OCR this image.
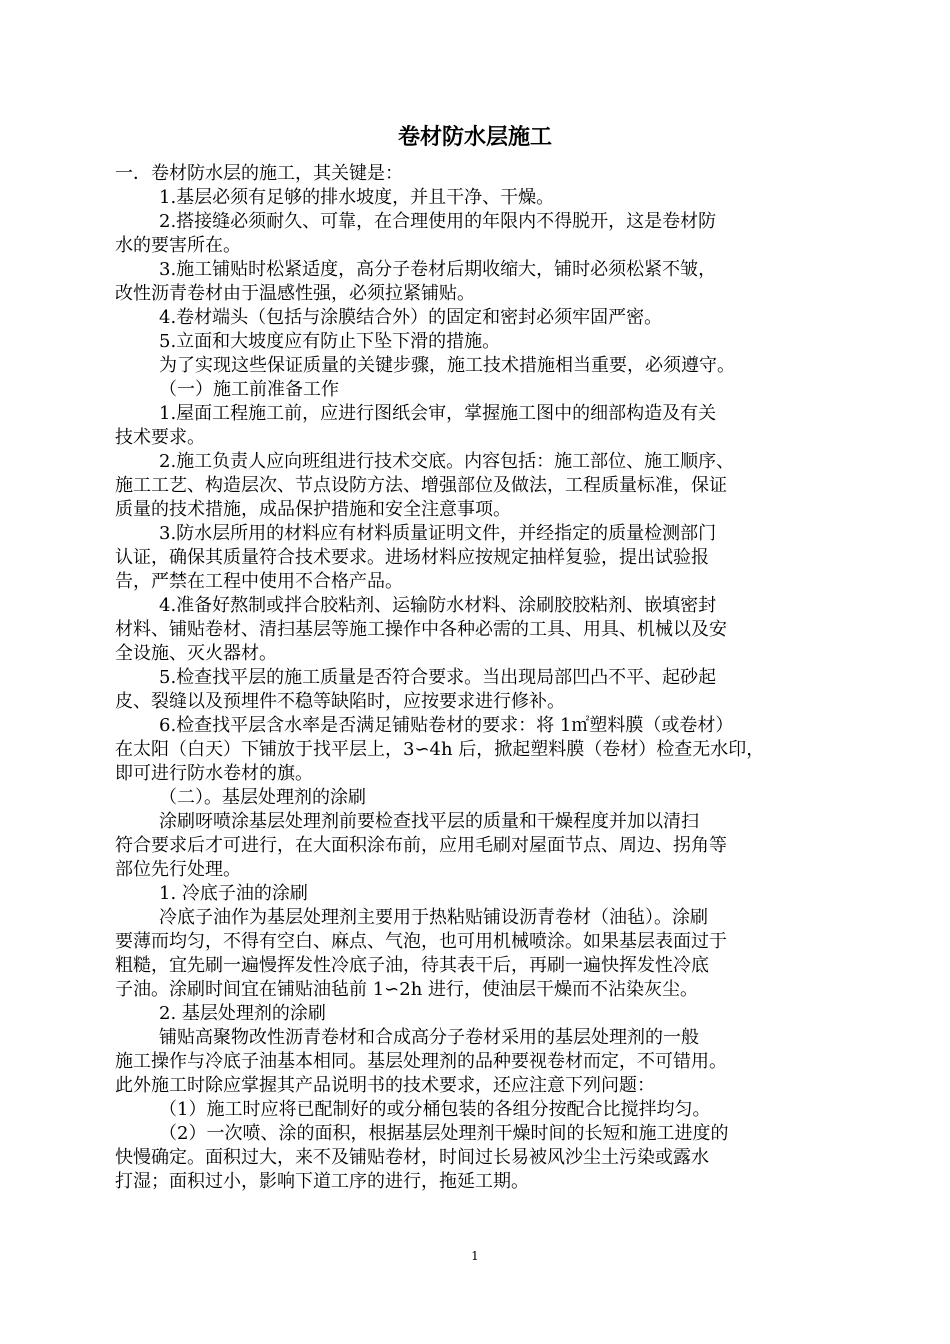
卷材防水层施工

一．卷材防水层的施工，其关键是：

1.基层必须有足够的排水坡度，并且干净、干燥。

2.搭接缝必须耐久、可靠，在合理使用的年限内不得脱开，这是卷材防

水的要害所在。

3.施工铺贴时松紧适度，高分子卷材后期收缩大，铺时必须松紧不皱，

改性沥青卷材由于温感性强，必须拉紧铺贴。

4.卷材端头（包括与涂膜结合外）的固定和密封必须牢固严密。

5.立面和大坡度应有防止下坠下滑的措施。

为了实现这些保证质量的关键步骤，施工技术措施相当重要，必须遵守。

（一）施工前准备工作

1.屋面工程施工前，应进行图纸会审，掌握施工图中的细部构造及有关

技术要求。

2.施工负责人应向班组进行技术交底。内容包括：施工部位、施工顺序、

施工工艺、构造层次、节点设防方法、增强部位及做法，工程质量标准，保证

质量的技术措施，成品保护措施和安全注意事项。

3.防水层所用的材料应有材料质量证明文件，并经指定的质量检测部门

认证，确保其质量符合技术要求。进场材料应按规定抽样复验，提出试验报

告，严禁在工程中使用不合格产品。

4.准备好熬制或拌合胶粘剂、运输防水材料、涂刷胶胶粘剂、嵌填密封

材料、铺贴卷材、清扫基层等施工操作中各种必需的工具、用具、机械以及安

全设施、灭火器材。

5.检查找平层的施工质量是否符合要求。当出现局部凹凸不平、起砂起

皮、裂缝以及预埋件不稳等缺陷时，应按要求进行修补。

6.检查找平层含水率是否满足铺贴卷材的要求：将 1㎡塑料膜（或卷材）

在太阳（白天）下铺放于找平层上，3∽4h 后，掀起塑料膜（卷材）检查无水印，

即可进行防水卷材的旗。

（二）。基层处理剂的涂刷

涂刷呀喷涂基层处理剂前要检查找平层的质量和干燥程度并加以清扫

符合要求后才可进行，在大面积涂布前，应用毛刷对屋面节点、周边、拐角等

部位先行处理。

1. 冷底子油的涂刷

冷底子油作为基层处理剂主要用于热粘贴铺设沥青卷材（油毡）。涂刷

要薄而均匀，不得有空白、麻点、气泡，也可用机械喷涂。如果基层表面过于

粗糙，宜先刷一遍慢挥发性冷底子油，待其表干后，再刷一遍快挥发性冷底

子油。涂刷时间宜在铺贴油毡前 1∽2h 进行，使油层干燥而不沾染灰尘。

2. 基层处理剂的涂刷

铺贴高聚物改性沥青卷材和合成高分子卷材采用的基层处理剂的一般

施工操作与冷底子油基本相同。基层处理剂的品种要视卷材而定，不可错用。

此外施工时除应掌握其产品说明书的技术要求，还应注意下列问题：

（1）施工时应将已配制好的或分桶包装的各组分按配合比搅拌均匀。

（2）一次喷、涂的面积，根据基层处理剂干燥时间的长短和施工进度的

快慢确定。面积过大，来不及铺贴卷材，时间过长易被风沙尘土污染或露水

打湿；面积过小，影响下道工序的进行，拖延工期。

1
